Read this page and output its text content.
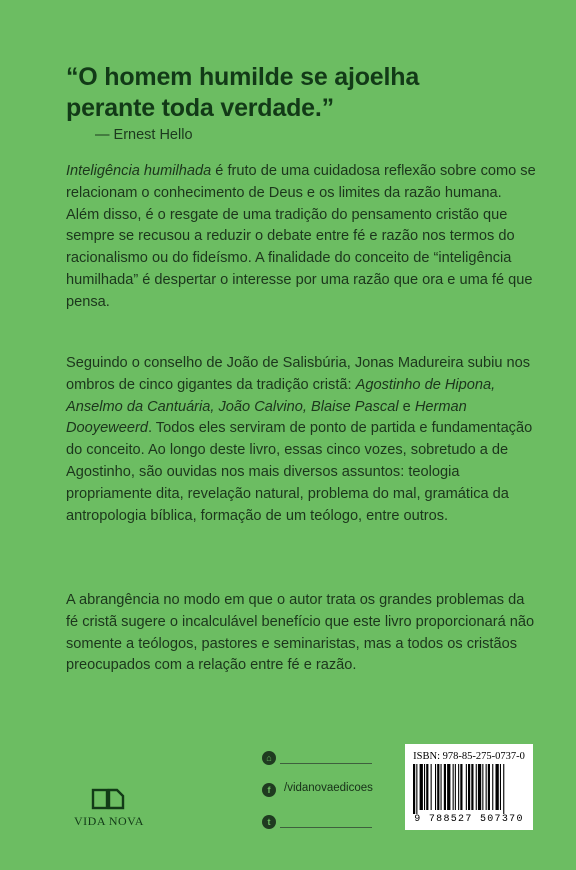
“O homem humilde se ajoelha
perante toda verdade.”
— Ernest Hello

Inteligência humilhada é fruto de uma cuidadosa reflexão sobre como se relacionam o conhecimento de Deus e os limites da razão humana. Além disso, é o resgate de uma tradição do pensamento cristão que sempre se recusou a reduzir o debate entre fé e razão nos termos do racionalismo ou do fideísmo. A finalidade do conceito de “inteligência humilhada” é despertar o interesse por uma razão que ora e uma fé que pensa.

Seguindo o conselho de João de Salisbúria, Jonas Madureira subiu nos ombros de cinco gigantes da tradição cristã: Agostinho de Hipona, Anselmo da Cantuária, João Calvino, Blaise Pascal e Herman Dooyeweerd. Todos eles serviram de ponto de partida e fundamentação do conceito. Ao longo deste livro, essas cinco vozes, sobretudo a de Agostinho, são ouvidas nos mais diversos assuntos: teologia propriamente dita, revelação natural, problema do mal, gramática da antropologia bíblica, formação de um teólogo, entre outros.

A abrangência no modo em que o autor trata os grandes problemas da fé cristã sugere o incalculável benefício que este livro proporcionará não somente a teólogos, pastores e seminaristas, mas a todos os cristãos preocupados com a relação entre fé e razão.

VIDA NOVA
⌂
f	/vidanovaedicoes
t
ISBN: 978-85-275-0737-0
9 788527 507370
